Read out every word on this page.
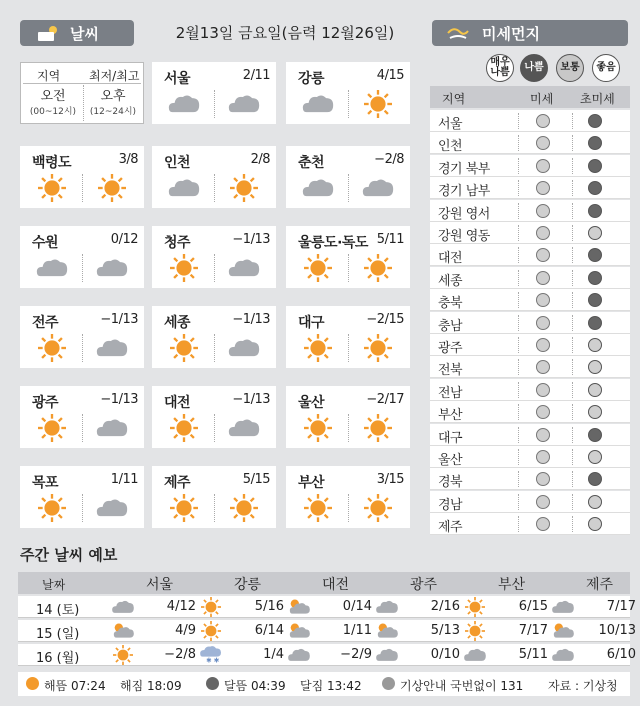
날씨	2월13일 금요일(음력 12월26일)	미세먼지
지역 최저/최고
오전
(00~12시)
오후
(12~24시)
서울	2/11 강릉	4/15
백령도	3/8 인천	2/8 춘천	−2/8
수원	0/12 청주	−1/13 울릉도·독도 5/11
전주	−1/13 세종	−1/13 대구	−2/15
광주	−1/13 대전	−1/13 울산	−2/17
목포	1/11 제주	5/15 부산	3/15
매우나쁨	나쁨 보통 좋음
지역	미세 초미세
서울
인천
경기 북부
경기 남부
강원 영서
강원 영동
대전
세종
충북
충남
광주
전북
전남
부산
대구
울산
경북
경남
제주
주간 날씨 예보
날짜	서울	강릉	대전	광주	부산	제주
14 (토)	4/12	5/16	0/14	2/16	6/15	7/17
15 (일)	4/9	6/14	1/11	5/13	7/17	10/13
16 (월)	−2/8 ✱ ✱	1/4	−2/9	0/10	5/11	6/10
해뜸 07:24 해짐 18:09	달뜸 04:39 달짐 13:42	기상안내 국번없이 131 자료 : 기상청
